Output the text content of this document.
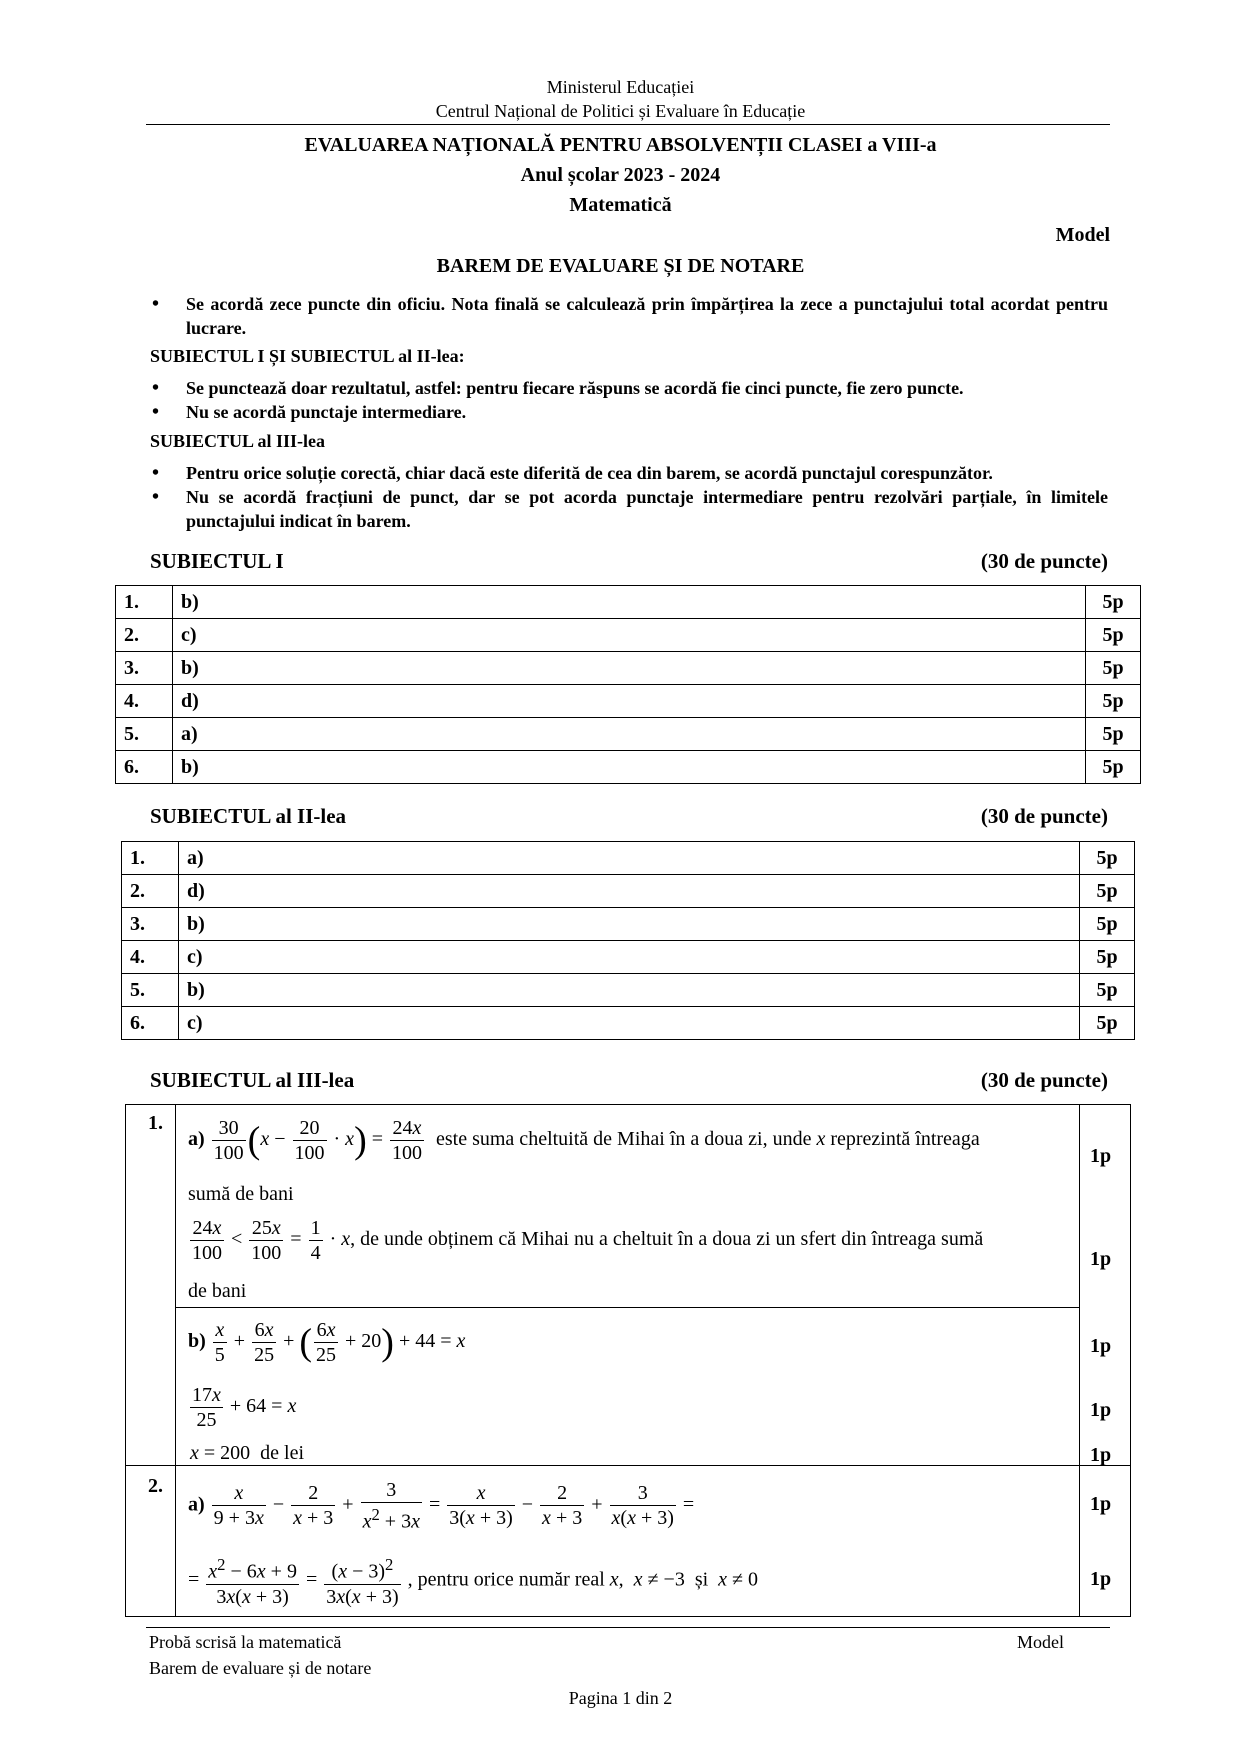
Ministerul Educației
Centrul Național de Politici și Evaluare în Educație
EVALUAREA NAȚIONALĂ PENTRU ABSOLVENȚII CLASEI a VIII-a
Anul școlar 2023 - 2024
Matematică
Model
BAREM DE EVALUARE ȘI DE NOTARE
• Se acordă zece puncte din oficiu. Nota finală se calculează prin împărțirea la zece a punctajului total acordat pentru lucrare.
SUBIECTUL I ȘI SUBIECTUL al II-lea:
• Se punctează doar rezultatul, astfel: pentru fiecare răspuns se acordă fie cinci puncte, fie zero puncte.
• Nu se acordă punctaje intermediare.
SUBIECTUL al III-lea
• Pentru orice soluție corectă, chiar dacă este diferită de cea din barem, se acordă punctajul corespunzător.
• Nu se acordă fracțiuni de punct, dar se pot acorda punctaje intermediare pentru rezolvări parțiale, în limitele punctajului indicat în barem.
SUBIECTUL I	(30 de puncte)
1.	b)	5p
2.	c)	5p
3.	b)	5p
4.	d)	5p
5.	a)	5p
6.	b)	5p
SUBIECTUL al II-lea	(30 de puncte)
1.	a)	5p
2.	d)	5p
3.	b)	5p
4.	c)	5p
5.	b)	5p
6.	c)	5p
SUBIECTUL al III-lea	(30 de puncte)
1.
$a) \frac{30}{100} (x - \frac{20}{100} \cdot x) = \frac{24x}{100}$ este suma cheltuită de Mihai în a doua zi, unde x reprezintă întreaga
sumă de bani
1p
$\frac{24x}{100} < \frac{25x}{100} = \frac{1}{4} \cdot x$, de unde obținem că Mihai nu a cheltuit în a doua zi un sfert din întreaga sumă
de bani
1p
$b) \frac{x}{5} + \frac{6x}{25}$ + ( $\frac{6x}{25} + 20) + 44 = x$	1p
$\frac{17x}{25} + 64 = x$	1p
x = 200  de lei	1p
2.
$a) \frac{x}{9 + 3x} - \frac{2}{x + 3} + \frac{3}{x^2 + 3x} = \frac{x}{3(x + 3)} - \frac{2}{x + 3} + \frac{3}{x(x + 3)}$ =	1p
= $\frac{x^2 - 6x + 9}{3x(x + 3)} = \frac{(x - 3)^2}{3x(x + 3)}$ , pentru orice număr real x,  x ≠ −3  și x ≠ 0	1p
Probă scrisă la matematică
Barem de evaluare și de notare
Model
Pagina 1 din 2
